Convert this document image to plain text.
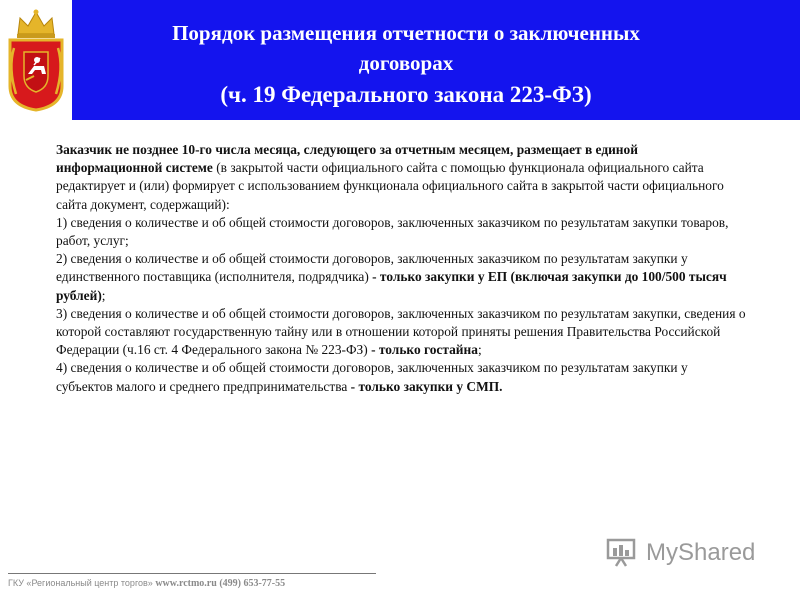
Порядок размещения отчетности о заключенных
договорах
(ч. 19 Федерального закона 223-ФЗ)

Заказчик не позднее 10-го числа месяца, следующего за отчетным месяцем, размещает в единой информационной системе (в закрытой части официального сайта с помощью функционала официального сайта редактирует и (или) формирует с использованием функционала официального сайта в закрытой части официального сайта документ, содержащий):

1) сведения о количестве и об общей стоимости договоров, заключенных заказчиком по результатам закупки товаров, работ, услуг;

2) сведения о количестве и об общей стоимости договоров, заключенных заказчиком по результатам закупки у единственного поставщика (исполнителя, подрядчика) - только закупки у ЕП (включая закупки до 100/500 тысяч рублей);

3) сведения о количестве и об общей стоимости договоров, заключенных заказчиком по результатам закупки, сведения о которой составляют государственную тайну или в отношении которой приняты решения Правительства Российской Федерации (ч.16 ст. 4 Федерального закона № 223-ФЗ) - только гостайна;

4) сведения о количестве и об общей стоимости договоров, заключенных заказчиком по результатам закупки у субъектов малого и среднего предпринимательства - только закупки у СМП.

ГКУ «Региональный центр торгов» www.rctmo.ru (499) 653-77-55
MyShared
